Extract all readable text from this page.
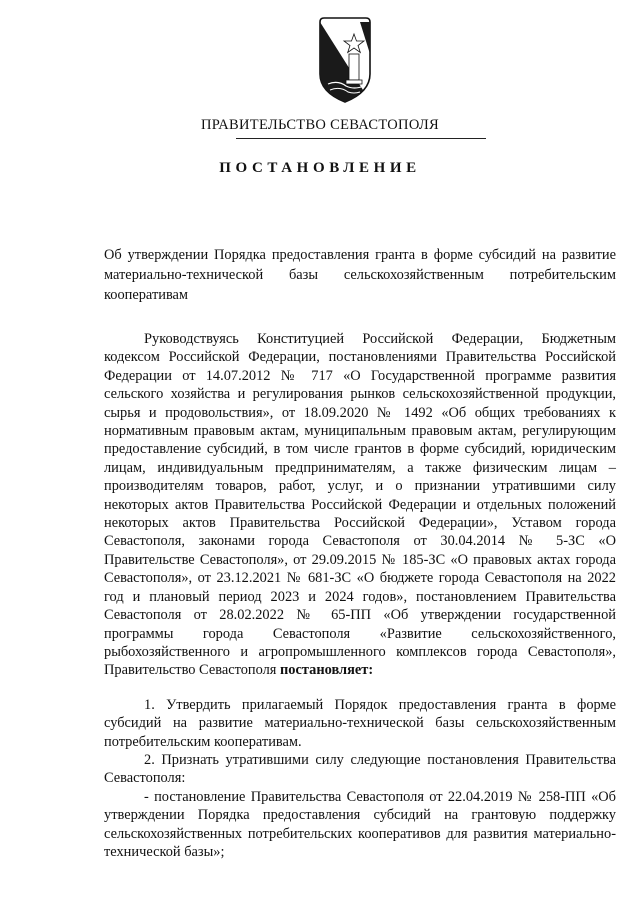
ПРАВИТЕЛЬСТВО СЕВАСТОПОЛЯ
ПОСТАНОВЛЕНИЕ
Об утверждении Порядка предоставления гранта в форме субсидий на развитие материально-технической базы сельскохозяйственным потребительским кооперативам

Руководствуясь Конституцией Российской Федерации, Бюджетным кодексом Российской Федерации, постановлениями Правительства Российской Федерации от 14.07.2012 № 717 «О Государственной программе развития сельского хозяйства и регулирования рынков сельскохозяйственной продукции, сырья и продовольствия», от 18.09.2020 № 1492 «Об общих требованиях к нормативным правовым актам, муниципальным правовым актам, регулирующим предоставление субсидий, в том числе грантов в форме субсидий, юридическим лицам, индивидуальным предпринимателям, а также физическим лицам – производителям товаров, работ, услуг, и о признании утратившими силу некоторых актов Правительства Российской Федерации и отдельных положений некоторых актов Правительства Российской Федерации», Уставом города Севастополя, законами города Севастополя от 30.04.2014 № 5-ЗС «О Правительстве Севастополя», от 29.09.2015 № 185-ЗС «О правовых актах города Севастополя», от 23.12.2021 № 681-ЗС «О бюджете города Севастополя на 2022 год и плановый период 2023 и 2024 годов», постановлением Правительства Севастополя от 28.02.2022 № 65-ПП «Об утверждении государственной программы города Севастополя «Развитие сельскохозяйственного, рыбохозяйственного и агропромышленного комплексов города Севастополя», Правительство Севастополя постановляет:

1. Утвердить прилагаемый Порядок предоставления гранта в форме субсидий на развитие материально-технической базы сельскохозяйственным потребительским кооперативам.

2. Признать утратившими силу следующие постановления Правительства Севастополя:

- постановление Правительства Севастополя от 22.04.2019 № 258-ПП «Об утверждении Порядка предоставления субсидий на грантовую поддержку сельскохозяйственных потребительских кооперативов для развития материально-технической базы»;
